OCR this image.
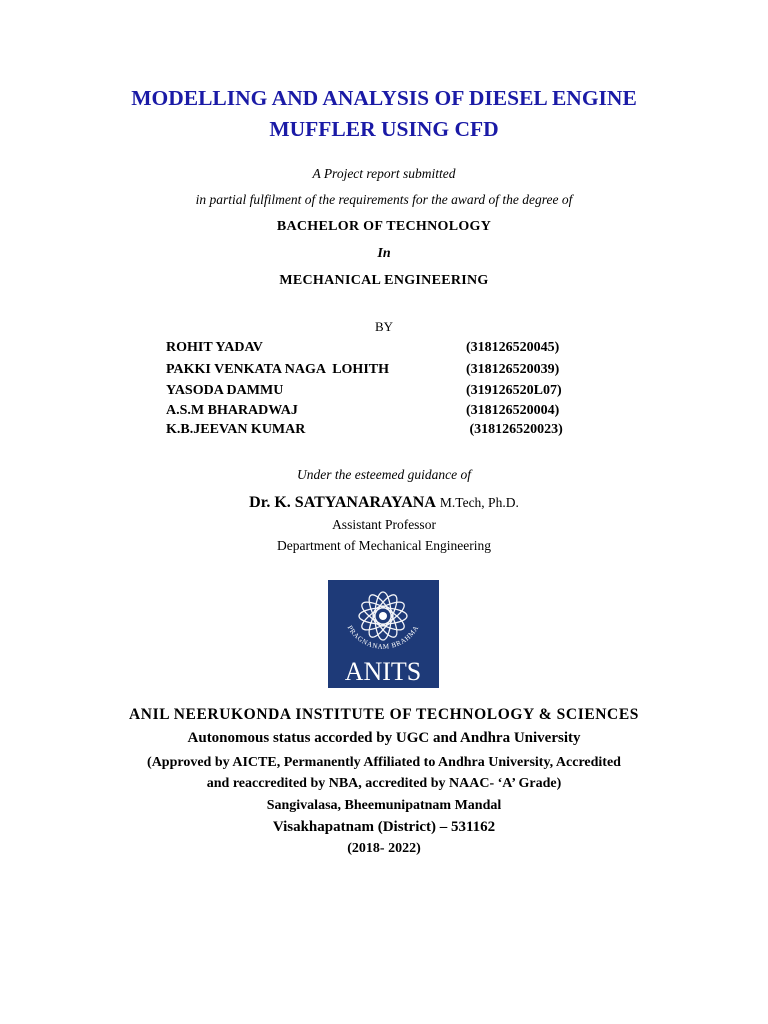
MODELLING AND ANALYSIS OF DIESEL ENGINE
MUFFLER USING CFD
A Project report submitted
in partial fulfilment of the requirements for the award of the degree of
BACHELOR OF TECHNOLOGY
In
MECHANICAL ENGINEERING
BY
ROHIT YADAV	(318126520045)
PAKKI VENKATA NAGA  LOHITH	(318126520039)
YASODA DAMMU	(319126520L07)
A.S.M BHARADWAJ	(318126520004)
K.B.JEEVAN KUMAR	(318126520023)
Under the esteemed guidance of
Dr. K. SATYANARAYANA M.Tech, Ph.D.
Assistant Professor
Department of Mechanical Engineering
PRAGNANAM BRAHMA
ANITS
ANIL NEERUKONDA INSTITUTE OF TECHNOLOGY & SCIENCES
Autonomous status accorded by UGC and Andhra University
(Approved by AICTE, Permanently Affiliated to Andhra University, Accredited
and reaccredited by NBA, accredited by NAAC- ‘A’ Grade)
Sangivalasa, Bheemunipatnam Mandal
Visakhapatnam (District) – 531162
(2018- 2022)
